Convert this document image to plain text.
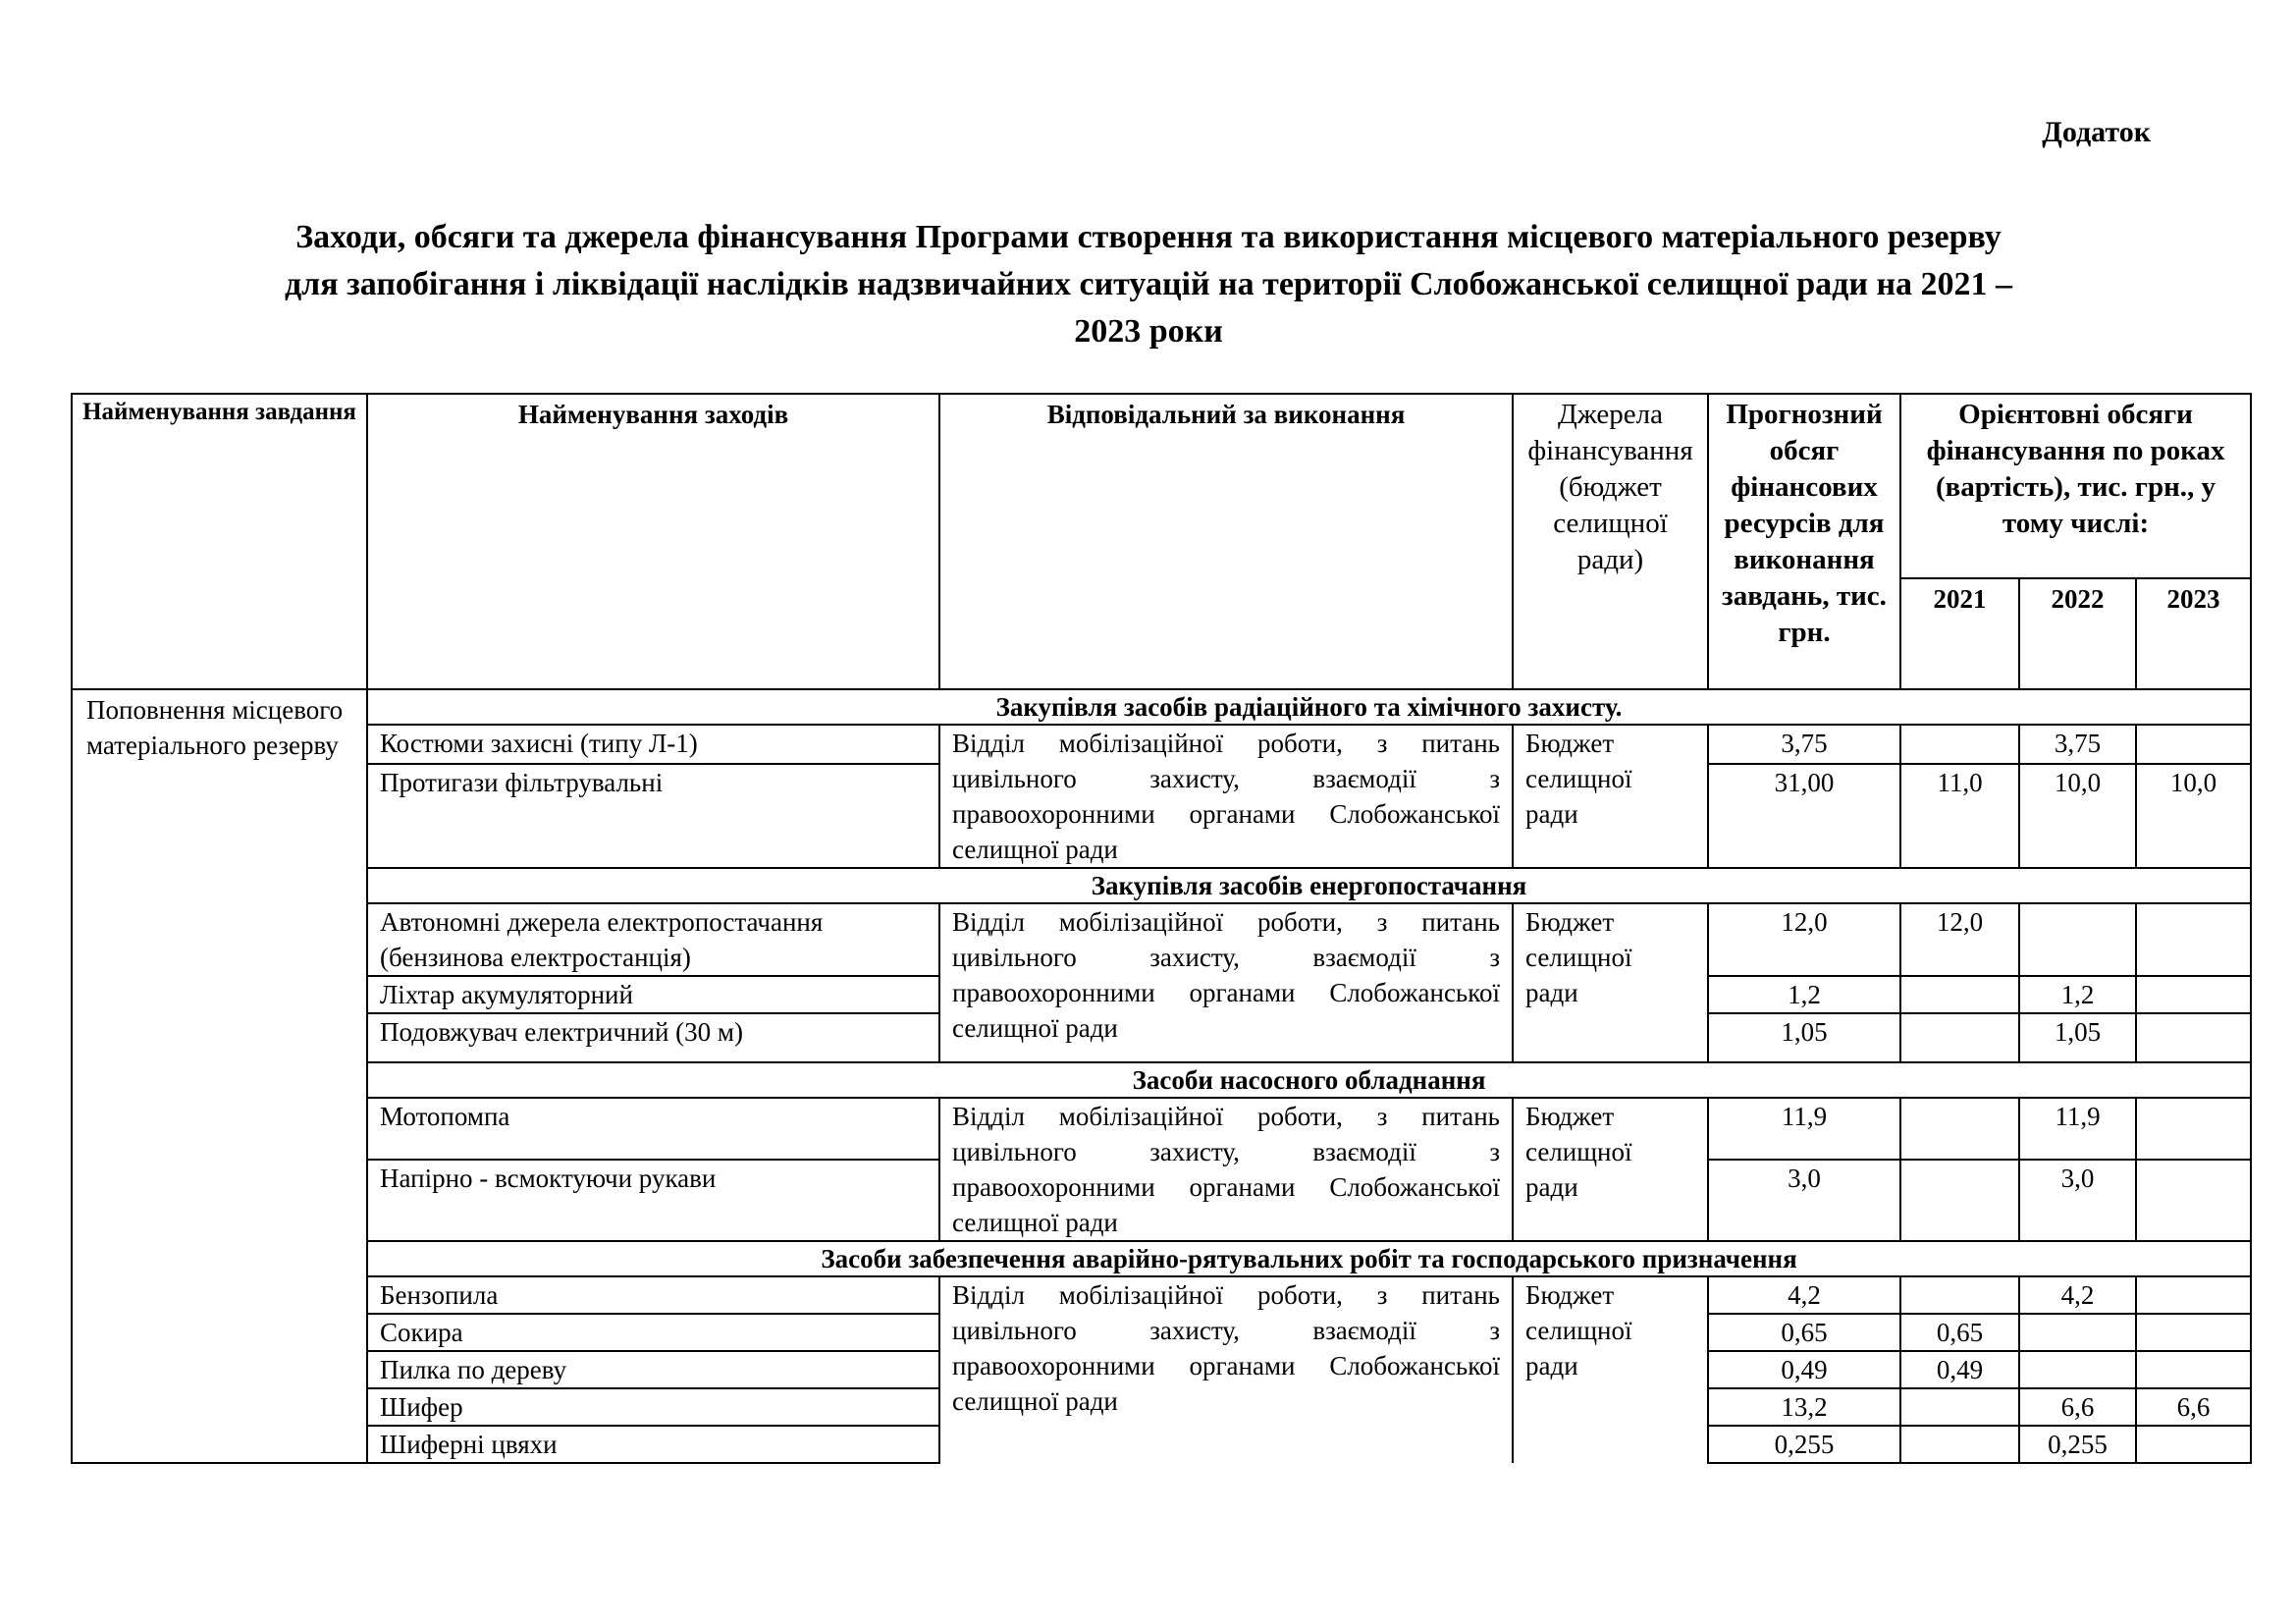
Додаток
Заходи, обсяги та джерела фінансування Програми створення та використання місцевого матеріального резерву
для запобігання і ліквідації наслідків надзвичайних ситуацій на території Слобожанської селищної ради на 2021 –
2023 роки
Найменування завдання	Найменування заходів	Відповідальний за виконання	Джерела фінансування (бюджет селищної ради)	Прогнозний обсяг фінансових ресурсів для виконання завдань, тис. грн.	Орієнтовні обсяги фінансування по роках (вартість), тис. грн., у тому числі:		
					2021	2022	2023
Поповнення місцевого матеріального резерву	Закупівля засобів радіаційного та хімічного захисту.						
	Костюми захисні (типу Л-1)	Відділ мобілізаційної роботи, з питань цивільного захисту, взаємодії з правоохоронними органами Слобожанської селищної ради	Бюджет селищної ради	3,75		3,75	
	Протигази фільтрувальні			31,00	11,0	10,0	10,0
	Закупівля засобів енергопостачання						
	Автономні джерела електропостачання (бензинова електростанція)	Відділ мобілізаційної роботи, з питань цивільного захисту, взаємодії з правоохоронними органами Слобожанської селищної ради	Бюджет селищної ради	12,0	12,0		
	Ліхтар акумуляторний			1,2		1,2	
	Подовжувач електричний (30 м)			1,05		1,05	
	Засоби насосного обладнання						
	Мотопомпа	Відділ мобілізаційної роботи, з питань цивільного захисту, взаємодії з правоохоронними органами Слобожанської селищної ради	Бюджет селищної ради	11,9		11,9	
	Напірно - всмоктуючи рукави			3,0		3,0	
	Засоби забезпечення аварійно-рятувальних робіт та господарського призначення						
	Бензопила	Відділ мобілізаційної роботи, з питань цивільного захисту, взаємодії з правоохоронними органами Слобожанської селищної ради	Бюджет селищної ради	4,2		4,2	
	Сокира			0,65	0,65		
	Пилка по дереву			0,49	0,49		
	Шифер			13,2		6,6	6,6
	Шиферні цвяхи			0,255		0,255	
